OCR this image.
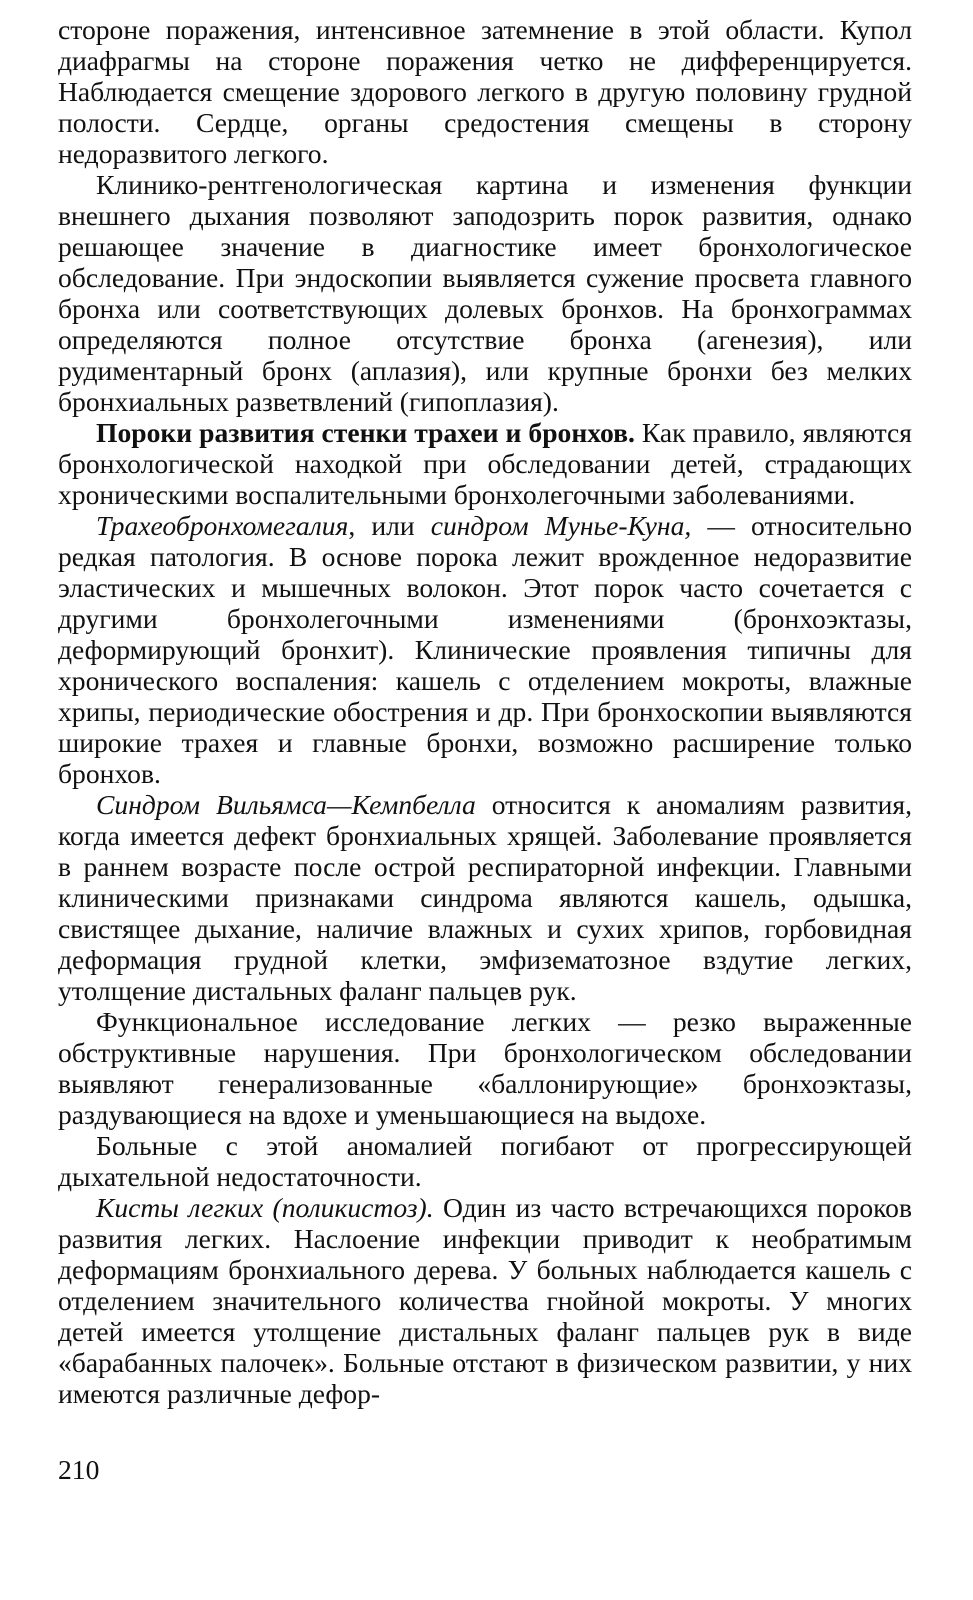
стороне поражения, интенсивное затемнение в этой области. Купол диафрагмы на стороне поражения четко не дифференцируется. Наблюдается смещение здорового легкого в другую половину грудной полости. Сердце, органы средостения смещены в сторону недоразвитого легкого.

Клинико-рентгенологическая картина и изменения функции внешнего дыхания позволяют заподозрить порок развития, однако решающее значение в диагностике имеет бронхологическое обследование. При эндоскопии выявляется сужение просвета главного бронха или соответствующих долевых бронхов. На бронхограммах определяются полное отсутствие бронха (агенезия), или рудиментарный бронх (аплазия), или крупные бронхи без мелких бронхиальных разветвлений (гипоплазия).

Пороки развития стенки трахеи и бронхов. Как правило, являются бронхологической находкой при обследовании детей, страдающих хроническими воспалительными бронхолегочными заболеваниями.

Трахеобронхомегалия, или синдром Мунье-Куна, — относительно редкая патология. В основе порока лежит врожденное недоразвитие эластических и мышечных волокон. Этот порок часто сочетается с другими бронхолегочными изменениями (бронхоэктазы, деформирующий бронхит). Клинические проявления типичны для хронического воспаления: кашель с отделением мокроты, влажные хрипы, периодические обострения и др. При бронхоскопии выявляются широкие трахея и главные бронхи, возможно расширение только бронхов.

Синдром Вильямса—Кемпбелла относится к аномалиям развития, когда имеется дефект бронхиальных хрящей. Заболевание проявляется в раннем возрасте после острой респираторной инфекции. Главными клиническими признаками синдрома являются кашель, одышка, свистящее дыхание, наличие влажных и сухих хрипов, горбовидная деформация грудной клетки, эмфизематозное вздутие легких, утолщение дистальных фаланг пальцев рук.

Функциональное исследование легких — резко выраженные обструктивные нарушения. При бронхологическом обследовании выявляют генерализованные «баллонирующие» бронхоэктазы, раздувающиеся на вдохе и уменьшающиеся на выдохе.

Больные с этой аномалией погибают от прогрессирующей дыхательной недостаточности.

Кисты легких (поликистоз). Один из часто встречающихся пороков развития легких. Наслоение инфекции приводит к необратимым деформациям бронхиального дерева. У больных наблюдается кашель с отделением значительного количества гнойной мокроты. У многих детей имеется утолщение дистальных фаланг пальцев рук в виде «барабанных палочек». Больные отстают в физическом развитии, у них имеются различные дефор-

210
